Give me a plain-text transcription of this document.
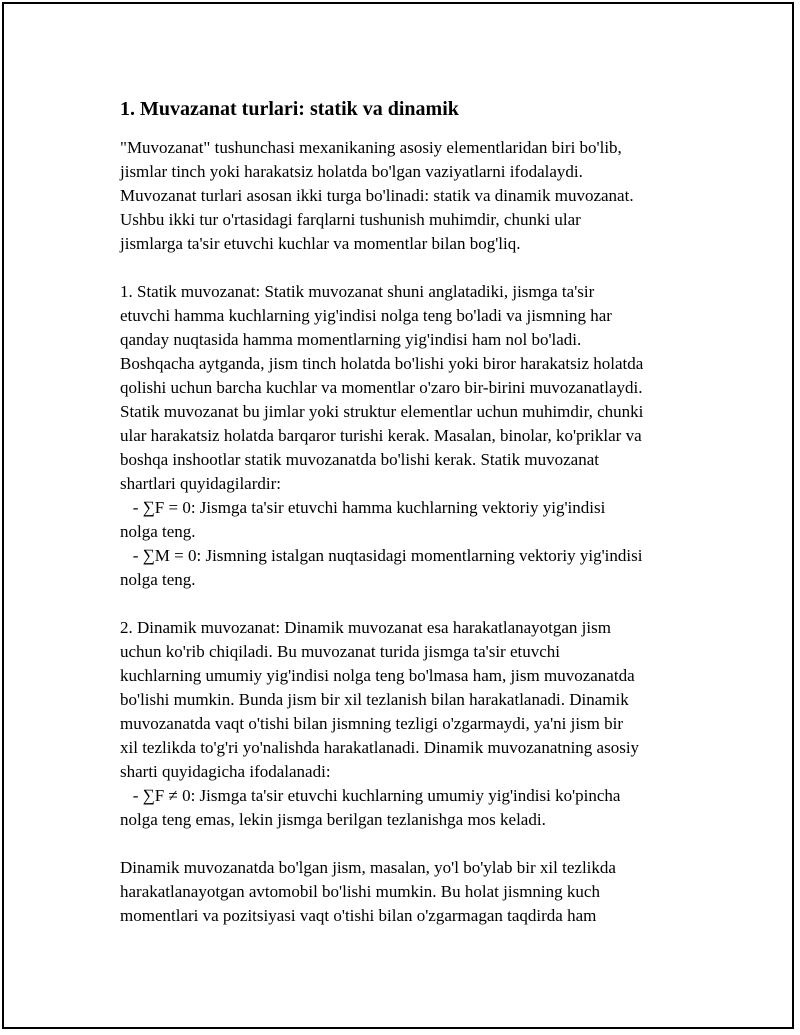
1. Muvazanat turlari: statik va dinamik

"Muvozanat" tushunchasi mexanikaning asosiy elementlaridan biri bo'lib,
jismlar tinch yoki harakatsiz holatda bo'lgan vaziyatlarni ifodalaydi.
Muvozanat turlari asosan ikki turga bo'linadi: statik va dinamik muvozanat.
Ushbu ikki tur o'rtasidagi farqlarni tushunish muhimdir, chunki ular
jismlarga ta'sir etuvchi kuchlar va momentlar bilan bog'liq.

1. Statik muvozanat: Statik muvozanat shuni anglatadiki, jismga ta'sir
etuvchi hamma kuchlarning yig'indisi nolga teng bo'ladi va jismning har
qanday nuqtasida hamma momentlarning yig'indisi ham nol bo'ladi.
Boshqacha aytganda, jism tinch holatda bo'lishi yoki biror harakatsiz holatda
qolishi uchun barcha kuchlar va momentlar o'zaro bir-birini muvozanatlaydi.
Statik muvozanat bu jimlar yoki struktur elementlar uchun muhimdir, chunki
ular harakatsiz holatda barqaror turishi kerak. Masalan, binolar, ko'priklar va
boshqa inshootlar statik muvozanatda bo'lishi kerak. Statik muvozanat
shartlari quyidagilardir:
- ∑F = 0: Jismga ta'sir etuvchi hamma kuchlarning vektoriy yig'indisi
nolga teng.
- ∑M = 0: Jismning istalgan nuqtasidagi momentlarning vektoriy yig'indisi
nolga teng.

2. Dinamik muvozanat: Dinamik muvozanat esa harakatlanayotgan jism
uchun ko'rib chiqiladi. Bu muvozanat turida jismga ta'sir etuvchi
kuchlarning umumiy yig'indisi nolga teng bo'lmasa ham, jism muvozanatda
bo'lishi mumkin. Bunda jism bir xil tezlanish bilan harakatlanadi. Dinamik
muvozanatda vaqt o'tishi bilan jismning tezligi o'zgarmaydi, ya'ni jism bir
xil tezlikda to'g'ri yo'nalishda harakatlanadi. Dinamik muvozanatning asosiy
sharti quyidagicha ifodalanadi:
- ∑F ≠ 0: Jismga ta'sir etuvchi kuchlarning umumiy yig'indisi ko'pincha
nolga teng emas, lekin jismga berilgan tezlanishga mos keladi.

Dinamik muvozanatda bo'lgan jism, masalan, yo'l bo'ylab bir xil tezlikda
harakatlanayotgan avtomobil bo'lishi mumkin. Bu holat jismning kuch
momentlari va pozitsiyasi vaqt o'tishi bilan o'zgarmagan taqdirda ham
